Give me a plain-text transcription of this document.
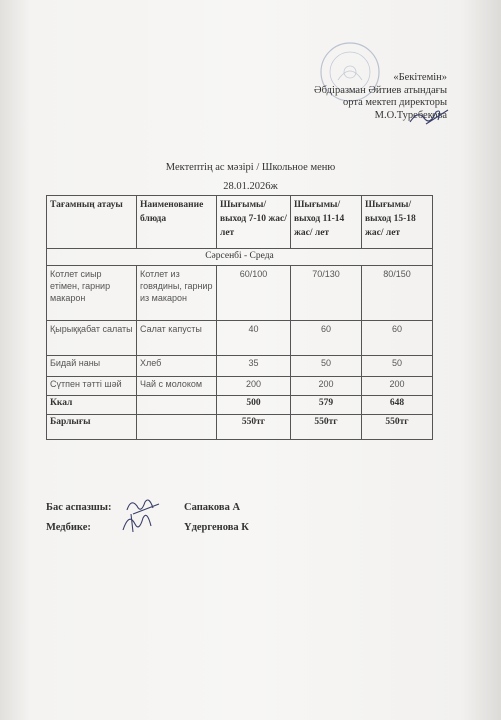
«Бекітемін»
Әбдіразман Әйтиев атындағы
орта мектеп директоры
М.О.Туребекова
Мектептің ас мәзірі / Школьное меню
28.01.2026ж
Тағамның атауы	Наименование блюда	Шығымы/ выход 7-10 жас/ лет	Шығымы/ выход 11-14 жас/ лет	Шығымы/ выход 15-18 жас/ лет
Сәрсенбі - Среда				
Котлет сиыр етімен, гарнир макарон	Котлет из говядины, гарнир из макарон	60/100	70/130	80/150
Қырыққабат салаты	Салат капусты	40	60	60
Бидай наны	Хлеб	35	50	50
Сүтпен тәтті шәй	Чай с молоком	200	200	200
Ккал		500	579	648
Барлығы		550тг	550тг	550тг
Бас аспазшы:	Сапакова А
Медбике:	Үдергенова К
